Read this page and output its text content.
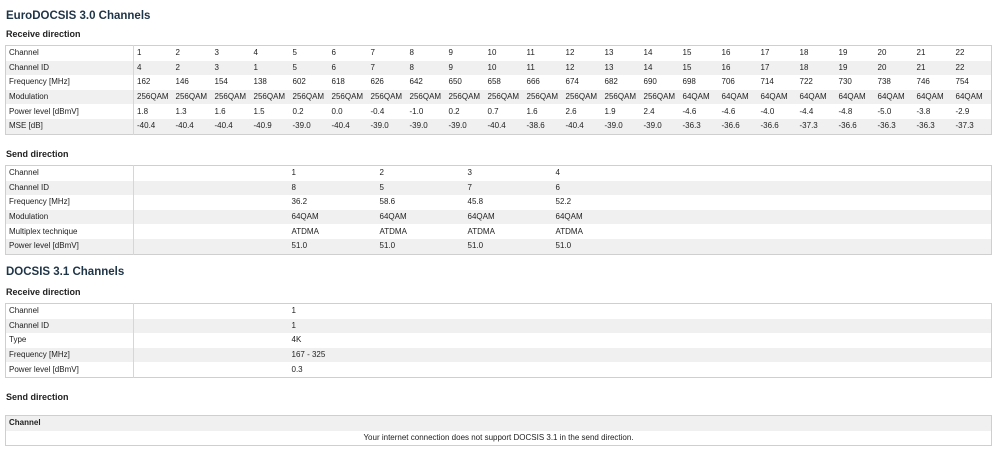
EuroDOCSIS 3.0 Channels
Receive direction
Channel	1	2	3	4	5	6	7	8	9	10	11	12	13	14	15	16	17	18	19	20	21	22
Channel ID	4	2	3	1	5	6	7	8	9	10	11	12	13	14	15	16	17	18	19	20	21	22
Frequency [MHz]	162	146	154	138	602	618	626	642	650	658	666	674	682	690	698	706	714	722	730	738	746	754
Modulation	256QAM	256QAM	256QAM	256QAM	256QAM	256QAM	256QAM	256QAM	256QAM	256QAM	256QAM	256QAM	256QAM	256QAM	64QAM	64QAM	64QAM	64QAM	64QAM	64QAM	64QAM	64QAM
Power level [dBmV]	1.8	1.3	1.6	1.5	0.2	0.0	-0.4	-1.0	0.2	0.7	1.6	2.6	1.9	2.4	-4.6	-4.6	-4.0	-4.4	-4.8	-5.0	-3.8	-2.9
MSE [dB]	-40.4	-40.4	-40.4	-40.9	-39.0	-40.4	-39.0	-39.0	-39.0	-40.4	-38.6	-40.4	-39.0	-39.0	-36.3	-36.6	-36.6	-37.3	-36.6	-36.3	-36.3	-37.3
Send direction
Channel		1	2	3	4
Channel ID		8	5	7	6
Frequency [MHz]		36.2	58.6	45.8	52.2
Modulation		64QAM	64QAM	64QAM	64QAM
Multiplex technique		ATDMA	ATDMA	ATDMA	ATDMA
Power level [dBmV]		51.0	51.0	51.0	51.0
DOCSIS 3.1 Channels
Receive direction
Channel		1
Channel ID		1
Type		4K
Frequency [MHz]		167 - 325
Power level [dBmV]		0.3
Send direction
Channel
Your internet connection does not support DOCSIS 3.1 in the send direction.
